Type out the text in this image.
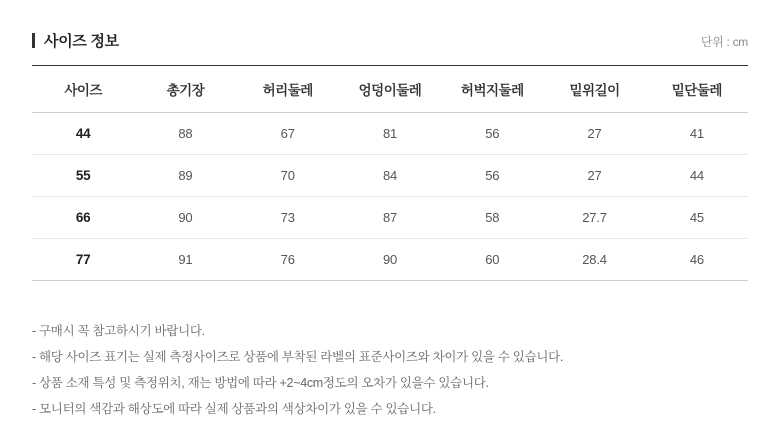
사이즈 정보	단위 : cm
사이즈	총기장	허리둘레	엉덩이둘레	허벅지둘레	밑위길이	밑단둘레
44	88	67	81	56	27	41
55	89	70	84	56	27	44
66	90	73	87	58	27.7	45
77	91	76	90	60	28.4	46
- 구매시 꼭 참고하시기 바랍니다.
- 해당 사이즈 표기는 실제 측정사이즈로 상품에 부착된 라벨의 표준사이즈와 차이가 있을 수 있습니다.
- 상품 소재 특성 및 측정위치, 재는 방법에 따라 +2~4cm정도의 오차가 있을수 있습니다.
- 모니터의 색감과 해상도에 따라 실제 상품과의 색상차이가 있을 수 있습니다.
